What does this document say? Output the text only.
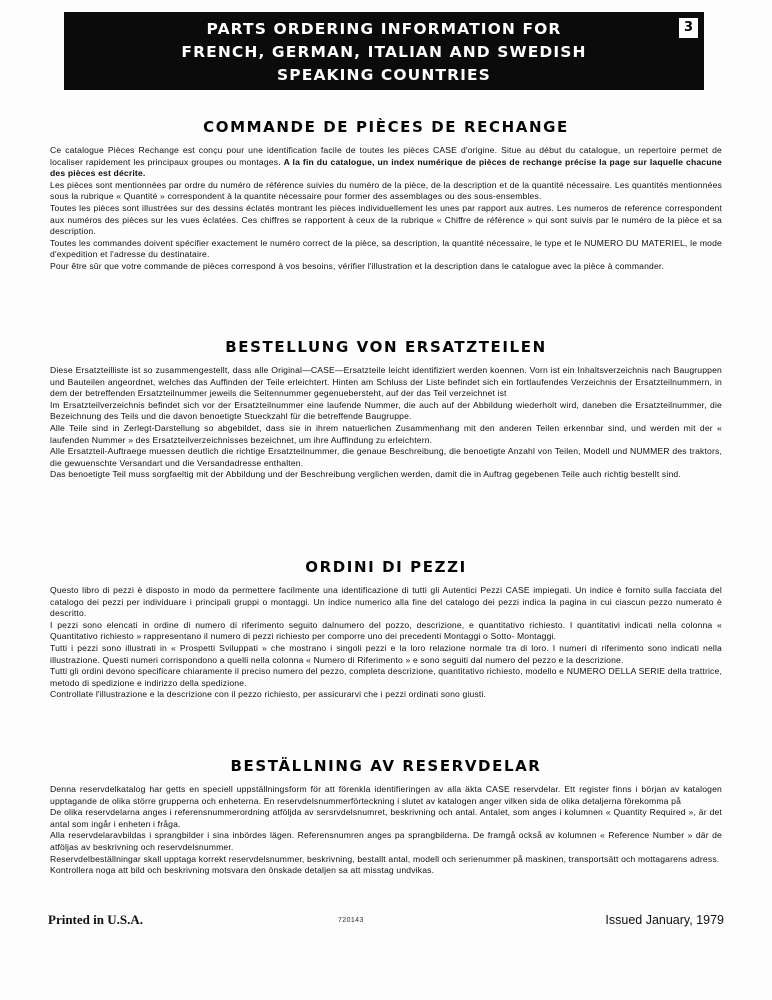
PARTS ORDERING INFORMATION FOR
FRENCH, GERMAN, ITALIAN AND SWEDISH
SPEAKING COUNTRIES
3
COMMANDE DE PIÈCES DE RECHANGE

Ce catalogue Pièces Rechange est conçu pour une identification facile de toutes les pièces CASE d'origine. Situe au début du catalogue, un repertoire permet de localiser rapidement les principaux groupes ou montages. A la fin du catalogue, un index numérique de pièces de rechange précise la page sur laquelle chacune des pièces est décrite.

Les pièces sont mentionnées par ordre du numéro de référence suivies du numéro de la pièce, de la description et de la quantité nécessaire. Les quantités mentionnées sous la rubrique « Quantité » correspondent à la quantite nécessaire pour former des assemblages ou des sous-ensembles.

Toutes les pièces sont illustrées sur des dessins éclatés montrant les pièces individuellement les unes par rapport aux autres. Les numeros de reference correspondent aux numéros des pièces sur les vues éclatées. Ces chiffres se rapportent à ceux de la rubrique « Chiffre de référence » qui sont suivis par le numéro de la pièce et sa description.

Toutes les commandes doivent spécifier exactement le numéro correct de la pièce, sa description, la quantité nécessaire, le type et le NUMERO DU MATERIEL, le mode d'expedition et l'adresse du destinataire.

Pour être sûr que votre commande de pièces correspond à vos besoins, vérifier l'illustration et la description dans le catalogue avec la pièce à commander.

BESTELLUNG VON ERSATZTEILEN

Diese Ersatzteilliste ist so zusammengestellt, dass alle Original—CASE—Ersatzteile leicht identifiziert werden koennen. Vorn ist ein Inhaltsverzeichnis nach Baugruppen und Bauteilen angeordnet, welches das Auffinden der Teile erleichtert. Hinten am Schluss der Liste befindet sich ein fortlaufendes Verzeichnis der Ersatzteilnummern, in dem der betreffenden Ersatzteilnummer jeweils die Seitennummer gegenuebersteht, auf der das Teil verzeichnet ist

Im Ersatzteilverzeichnis befindet sich vor der Ersatzteilnummer eine laufende Nummer, die auch auf der Abbildung wiederholt wird, daneben die Ersatzteilnummer, die Bezeichnung des Teils und die davon benoetigte Stueckzahl für die betreffende Baugruppe.

Alle Teile sind in Zerlegt-Darstellung so abgebildet, dass sie in ihrem natuerlichen Zusammenhang mit den anderen Teilen erkennbar sind, und werden mit der « laufenden Nummer » des Ersatzteilverzeichnisses bezeichnet, um ihre Auffindung zu erleichtern.

Alle Ersatzteil-Auftraege muessen deutlich die richtige Ersatzteilnummer, die genaue Beschreibung, die benoetigte Anzahl von Teilen, Modell und NUMMER des traktors, die gewuenschte Versandart und die Versandadresse enthalten.

Das benoetigte Teil muss sorgfaeltig mit der Abbildung und der Beschreibung verglichen werden, damit die in Auftrag gegebenen Teile auch richtig bestellt sind.

ORDINI DI PEZZI

Questo libro di pezzi è disposto in modo da permettere facilmente una identificazione di tutti gli Autentici Pezzi CASE impiegati. Un indice è fornito sulla facciata del catalogo dei pezzi per individuare i principali gruppi o montaggi. Un indice numerico alla fine del catalogo dei pezzi indica la pagina in cui ciascun pezzo numerato è descritto.

I pezzi sono elencati in ordine di numero di riferimento seguito dalnumero del pozzo, descrizione, e quantitativo richiesto. I quantitativi indicati nella colonna « Quantitativo richiesto » rappresentano il numero di pezzi richiesto per comporre uno dei precedenti Montaggi o Sotto- Montaggi.

Tutti i pezzi sono illustrati in « Prospetti Sviluppati » che mostrano i singoli pezzi e la loro relazione normale tra di loro. I numeri di riferimento sono indicati nella illustrazione. Questi numeri corrispondono a quelli nella colonna « Numero di Riferimento » e sono seguiti dal numero del pezzo e la descrizione.

Tutti gli ordini devono specificare chiaramente il preciso numero del pezzo, completa descrizione, quantitativo richiesto, modello e NUMERO DELLA SERIE della trattrice, metodo di spedizione e indirizzo della spedizione.

Controllate l'illustrazione e la descrizione con il pezzo richiesto, per assicurarvi che i pezzi ordinati sono giusti.

BESTÄLLNING AV RESERVDELAR

Denna reservdelkatalog har getts en speciell uppställningsform för att förenkla identifieringen av alla äkta CASE reservdelar. Ett register finns i början av katalogen upptagande de olika större grupperna och enheterna. En reservdelsnummerförteckning i slutet av katalogen anger vilken sida de olika detaljerna förekomma på

De olika reservdelarna anges i referensnummerordning atföljda av sersrvdelsnumret, beskrivning och antal. Antalet, som anges i kolumnen « Quantity Required », är det antal som ingår i enheten i fråga.

Alla reservdelaravbildas i sprangbilder i sina inbördes lägen. Referensnumren anges pa sprangbilderna. De framgå också av kolumnen « Reference Number » där de atföljas av beskrivning och reservdelsnummer.

Reservdelbeställningar skall upptaga korrekt reservdelsnummer, beskrivning, bestallt antal, modell och serienummer på maskinen, transportsätt och mottagarens adress.

Kontrollera noga att bild och beskrivning motsvara den önskade detaljen sa att misstag undvikas.

Printed in U.S.A.	720143	Issued January, 1979
